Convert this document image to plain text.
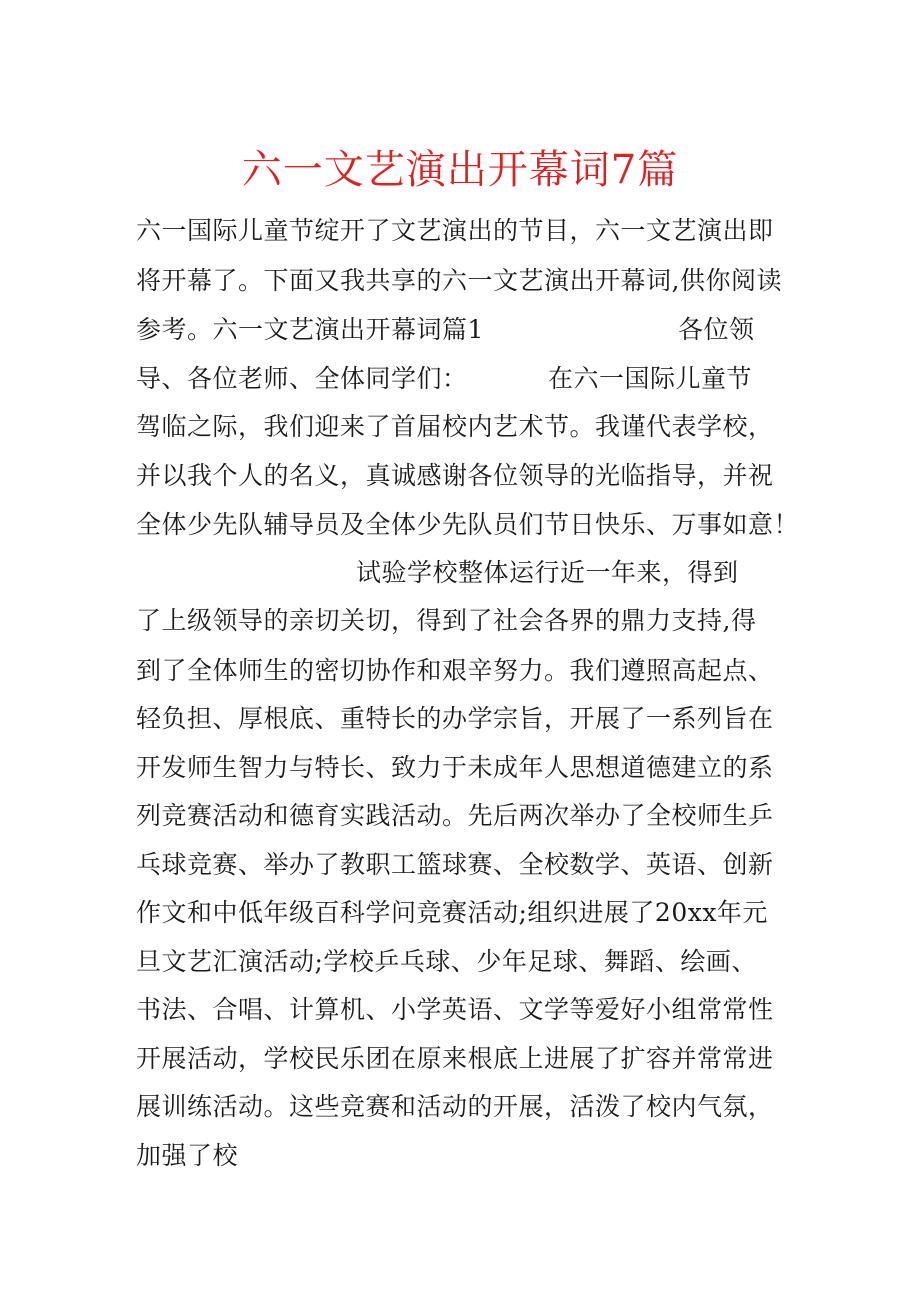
六一文艺演出开幕词7篇
六一国际儿童节绽开了文艺演出的节目，六一文艺演出即
将开幕了。下面又我共享的六一文艺演出开幕词,供你阅读
参考。六一文艺演出开幕词篇1	各位领
导、各位老师、全体同学们：	在六一国际儿童节
驾临之际，我们迎来了首届校内艺术节。我谨代表学校，
并以我个人的名义，真诚感谢各位领导的光临指导，并祝
全体少先队辅导员及全体少先队员们节日快乐、万事如意！
试验学校整体运行近一年来，得到
了上级领导的亲切关切，得到了社会各界的鼎力支持,得
到了全体师生的密切协作和艰辛努力。我们遵照高起点、
轻负担、厚根底、重特长的办学宗旨，开展了一系列旨在
开发师生智力与特长、致力于未成年人思想道德建立的系
列竞赛活动和德育实践活动。先后两次举办了全校师生乒
乓球竞赛、举办了教职工篮球赛、全校数学、英语、创新
作文和中低年级百科学问竞赛活动;组织进展了20xx年元
旦文艺汇演活动;学校乒乓球、少年足球、舞蹈、绘画、
书法、合唱、计算机、小学英语、文学等爱好小组常常性
开展活动，学校民乐团在原来根底上进展了扩容并常常进
展训练活动。这些竞赛和活动的开展，活泼了校内气氛，
加强了校
